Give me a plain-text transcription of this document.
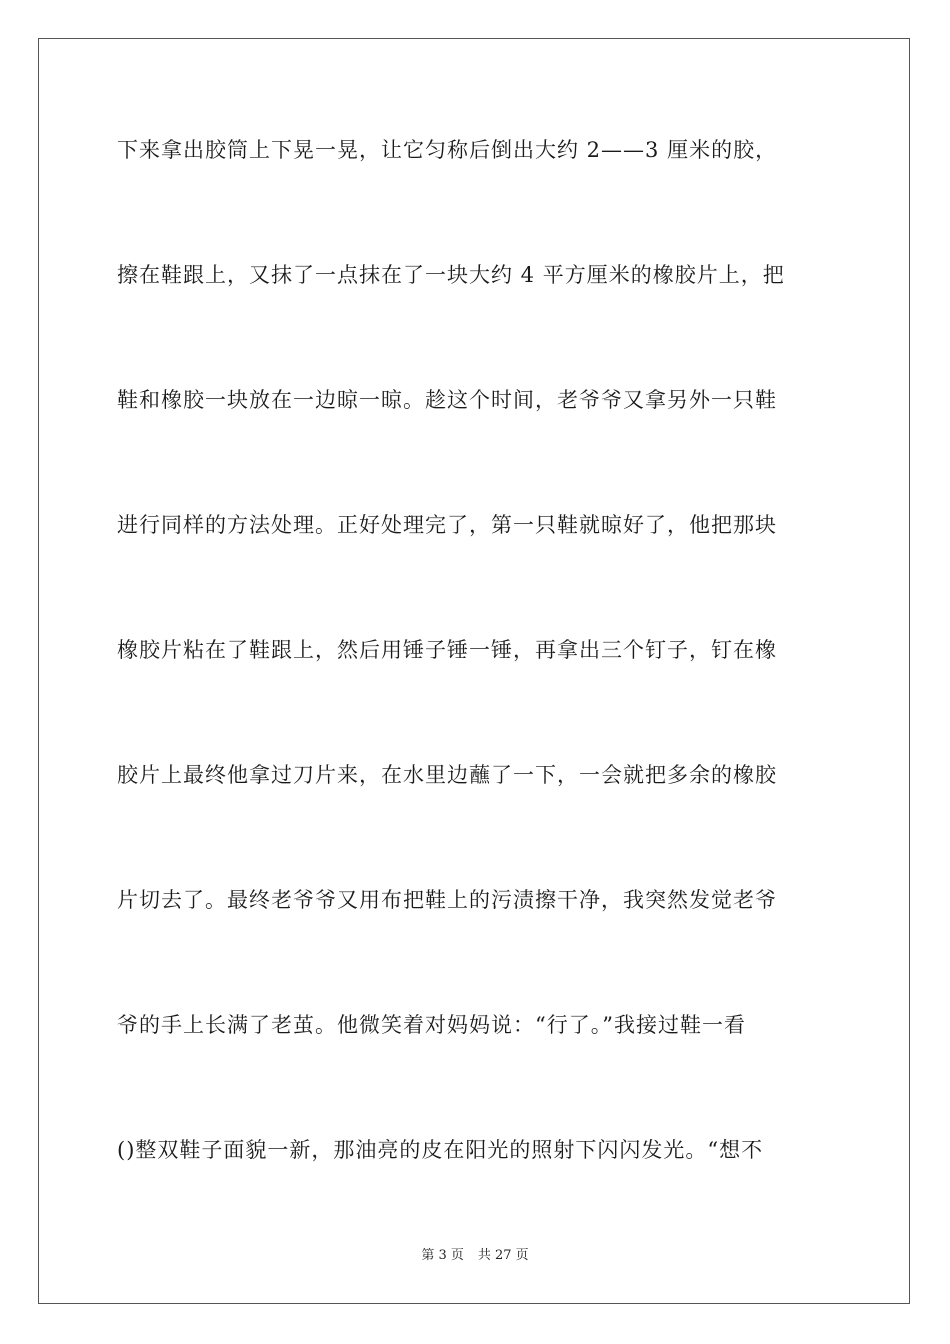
下来拿出胶筒上下晃一晃，让它匀称后倒出大约 2——3 厘米的胶，
擦在鞋跟上，又抹了一点抹在了一块大约 4 平方厘米的橡胶片上，把
鞋和橡胶一块放在一边晾一晾。趁这个时间，老爷爷又拿另外一只鞋
进行同样的方法处理。正好处理完了，第一只鞋就晾好了，他把那块
橡胶片粘在了鞋跟上，然后用锤子锤一锤，再拿出三个钉子，钉在橡
胶片上最终他拿过刀片来，在水里边蘸了一下，一会就把多余的橡胶
片切去了。最终老爷爷又用布把鞋上的污渍擦干净，我突然发觉老爷
爷的手上长满了老茧。他微笑着对妈妈说：“行了。”我接过鞋一看
()整双鞋子面貌一新，那油亮的皮在阳光的照射下闪闪发光。“想不
第 3 页 共 27 页
